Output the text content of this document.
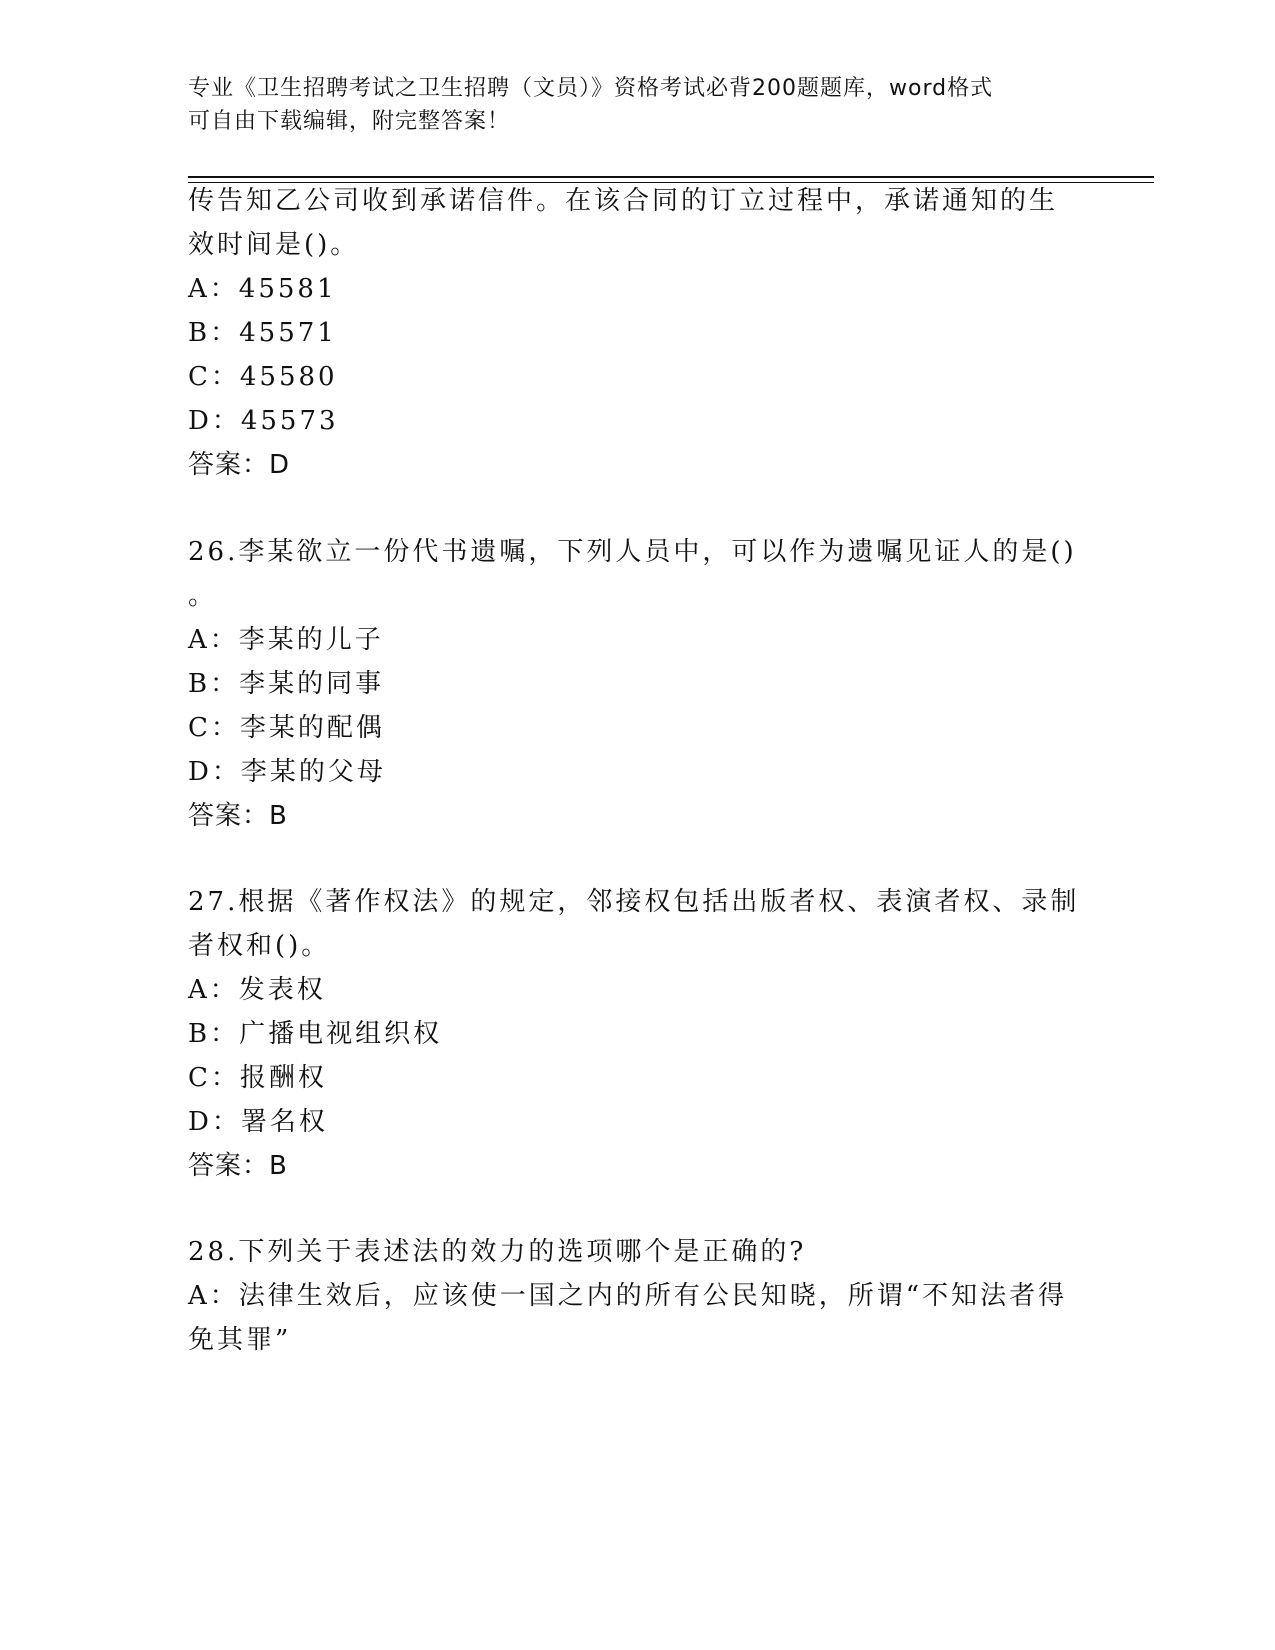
专业《卫生招聘考试之卫生招聘（文员）》资格考试必背200题题库，word格式
可自由下载编辑，附完整答案！
传告知乙公司收到承诺信件。在该合同的订立过程中，承诺通知的生
效时间是()。
A：45581
B：45571
C：45580
D：45573
答案：D
26.李某欲立一份代书遗嘱，下列人员中，可以作为遗嘱见证人的是()
。
A：李某的儿子
B：李某的同事
C：李某的配偶
D：李某的父母
答案：B
27.根据《著作权法》的规定，邻接权包括出版者权、表演者权、录制
者权和()。
A：发表权
B：广播电视组织权
C：报酬权
D：署名权
答案：B
28.下列关于表述法的效力的选项哪个是正确的?
A：法律生效后，应该使一国之内的所有公民知晓，所谓“不知法者得
免其罪”
